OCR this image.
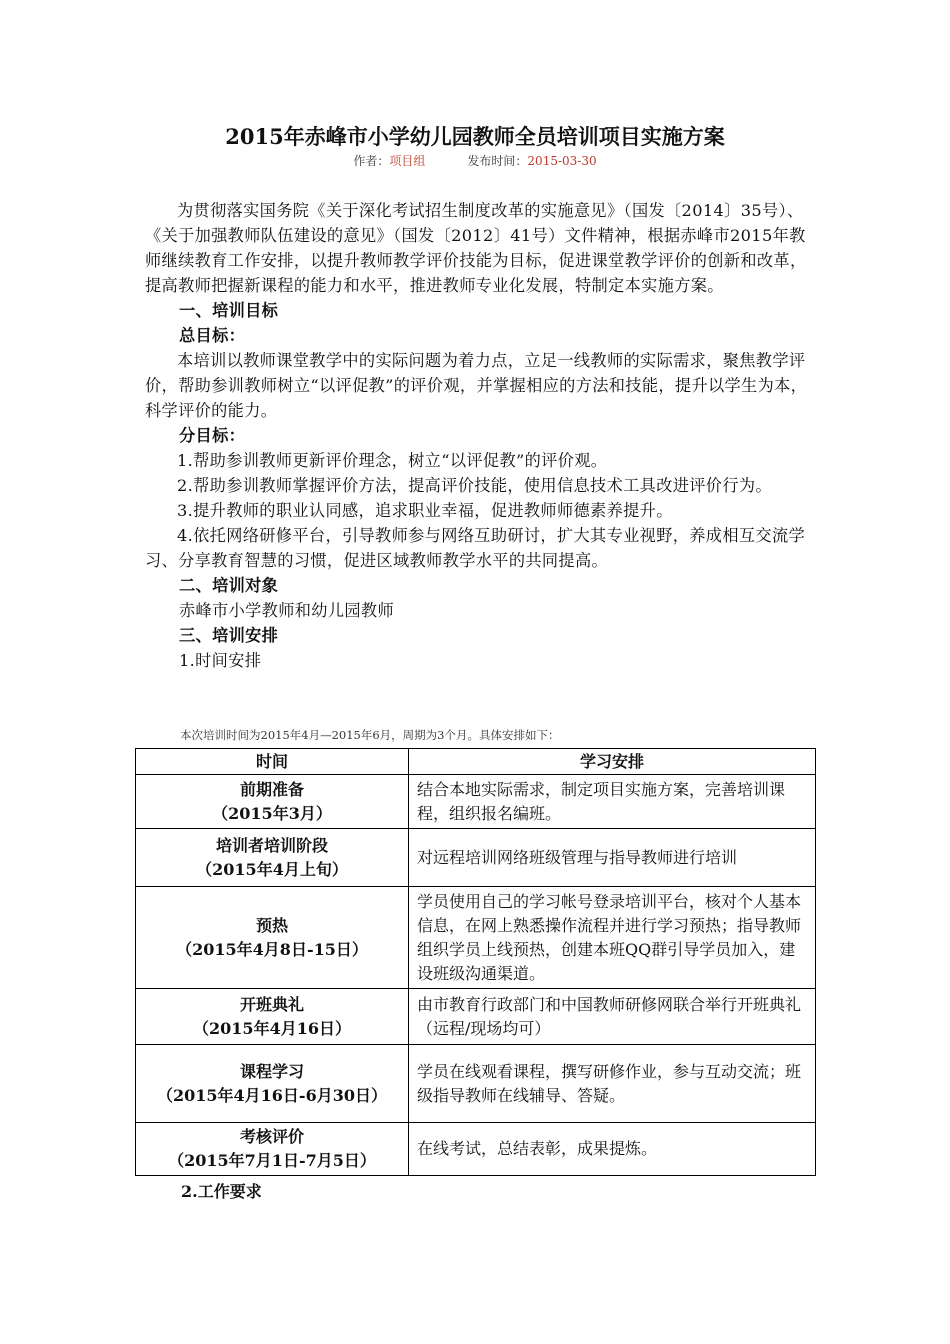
2015年赤峰市小学幼儿园教师全员培训项目实施方案
作者：项目组	发布时间：2015-03-30

为贯彻落实国务院《关于深化考试招生制度改革的实施意见》（国发〔2014〕35号）、《关于加强教师队伍建设的意见》（国发〔2012〕41号）文件精神，根据赤峰市2015年教师继续教育工作安排，以提升教师教学评价技能为目标，促进课堂教学评价的创新和改革，提高教师把握新课程的能力和水平，推进教师专业化发展，特制定本实施方案。

一、培训目标

总目标：

本培训以教师课堂教学中的实际问题为着力点，立足一线教师的实际需求，聚焦教学评价，帮助参训教师树立“以评促教”的评价观，并掌握相应的方法和技能，提升以学生为本，科学评价的能力。

分目标：

1.帮助参训教师更新评价理念，树立“以评促教”的评价观。

2.帮助参训教师掌握评价方法，提高评价技能，使用信息技术工具改进评价行为。

3.提升教师的职业认同感，追求职业幸福，促进教师师德素养提升。

4.依托网络研修平台，引导教师参与网络互助研讨，扩大其专业视野，养成相互交流学习、分享教育智慧的习惯，促进区域教师教学水平的共同提高。

二、培训对象

赤峰市小学教师和幼儿园教师

三、培训安排

1.时间安排

本次培训时间为2015年4月—2015年6月，周期为3个月。具体安排如下：
时间	学习安排

前期准备
（2015年3月）	结合本地实际需求，制定项目实施方案，完善培训课程，组织报名编班。

培训者培训阶段
（2015年4月上旬）	对远程培训网络班级管理与指导教师进行培训

预热
（2015年4月8日-15日）	学员使用自己的学习帐号登录培训平台，核对个人基本信息，在网上熟悉操作流程并进行学习预热；指导教师组织学员上线预热，创建本班QQ群引导学员加入，建设班级沟通渠道。

开班典礼
（2015年4月16日）	由市教育行政部门和中国教师研修网联合举行开班典礼（远程/现场均可）

课程学习
（2015年4月16日-6月30日）	学员在线观看课程，撰写研修作业，参与互动交流；班级指导教师在线辅导、答疑。

考核评价
（2015年7月1日-7月5日）	在线考试，总结表彰，成果提炼。
2.工作要求
